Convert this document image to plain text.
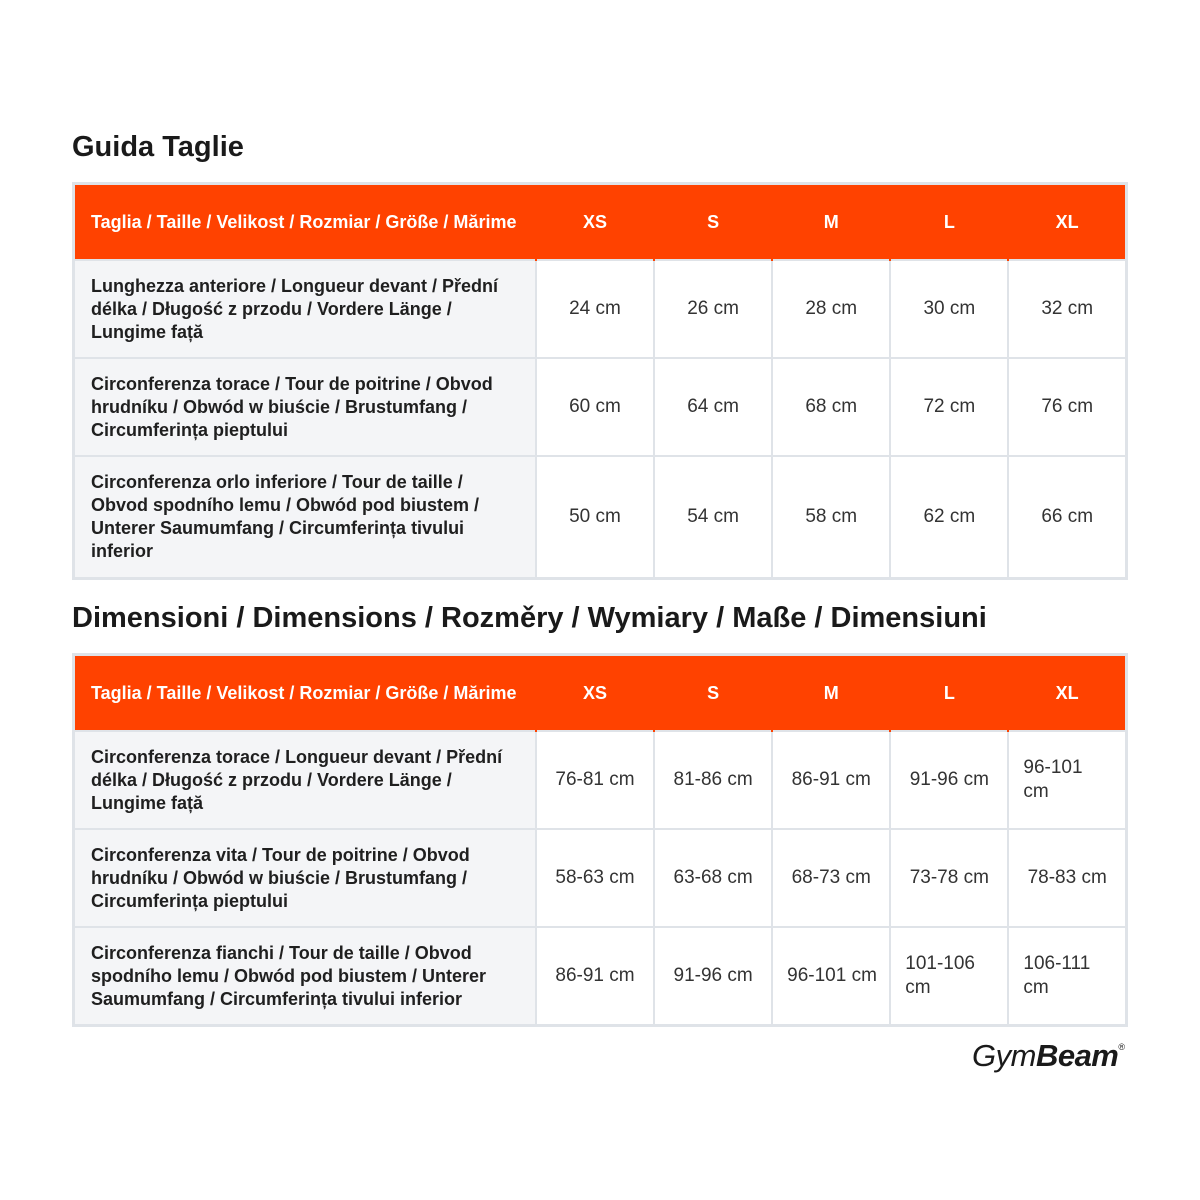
Guida Taglie
Taglia / Taille / Velikost / Rozmiar / Größe / Mărime	XS	S	M	L	XL
Lunghezza anteriore / Longueur devant / Přední délka / Długość z przodu / Vordere Länge / Lungime față	24 cm	26 cm	28 cm	30 cm	32 cm
Circonferenza torace / Tour de poitrine / Obvod hrudníku / Obwód w biuście / Brustumfang / Circumferința pieptului	60 cm	64 cm	68 cm	72 cm	76 cm
Circonferenza orlo inferiore / Tour de taille / Obvod spodního lemu / Obwód pod biustem / Unterer Saumumfang / Circumferința tivului inferior	50 cm	54 cm	58 cm	62 cm	66 cm
Dimensioni / Dimensions / Rozměry / Wymiary / Maße / Dimensiuni
Taglia / Taille / Velikost / Rozmiar / Größe / Mărime	XS	S	M	L	XL
Circonferenza torace / Longueur devant / Přední délka / Długość z przodu / Vordere Länge / Lungime față	76-81 cm	81-86 cm	86-91 cm	91-96 cm	96-101 cm
Circonferenza vita / Tour de poitrine / Obvod hrudníku / Obwód w biuście / Brustumfang / Circumferința pieptului	58-63 cm	63-68 cm	68-73 cm	73-78 cm	78-83 cm
Circonferenza fianchi / Tour de taille / Obvod spodního lemu / Obwód pod biustem / Unterer Saumumfang / Circumferința tivului inferior	86-91 cm	91-96 cm	96-101 cm	101-106 cm	106-111 cm
GymBeam®
